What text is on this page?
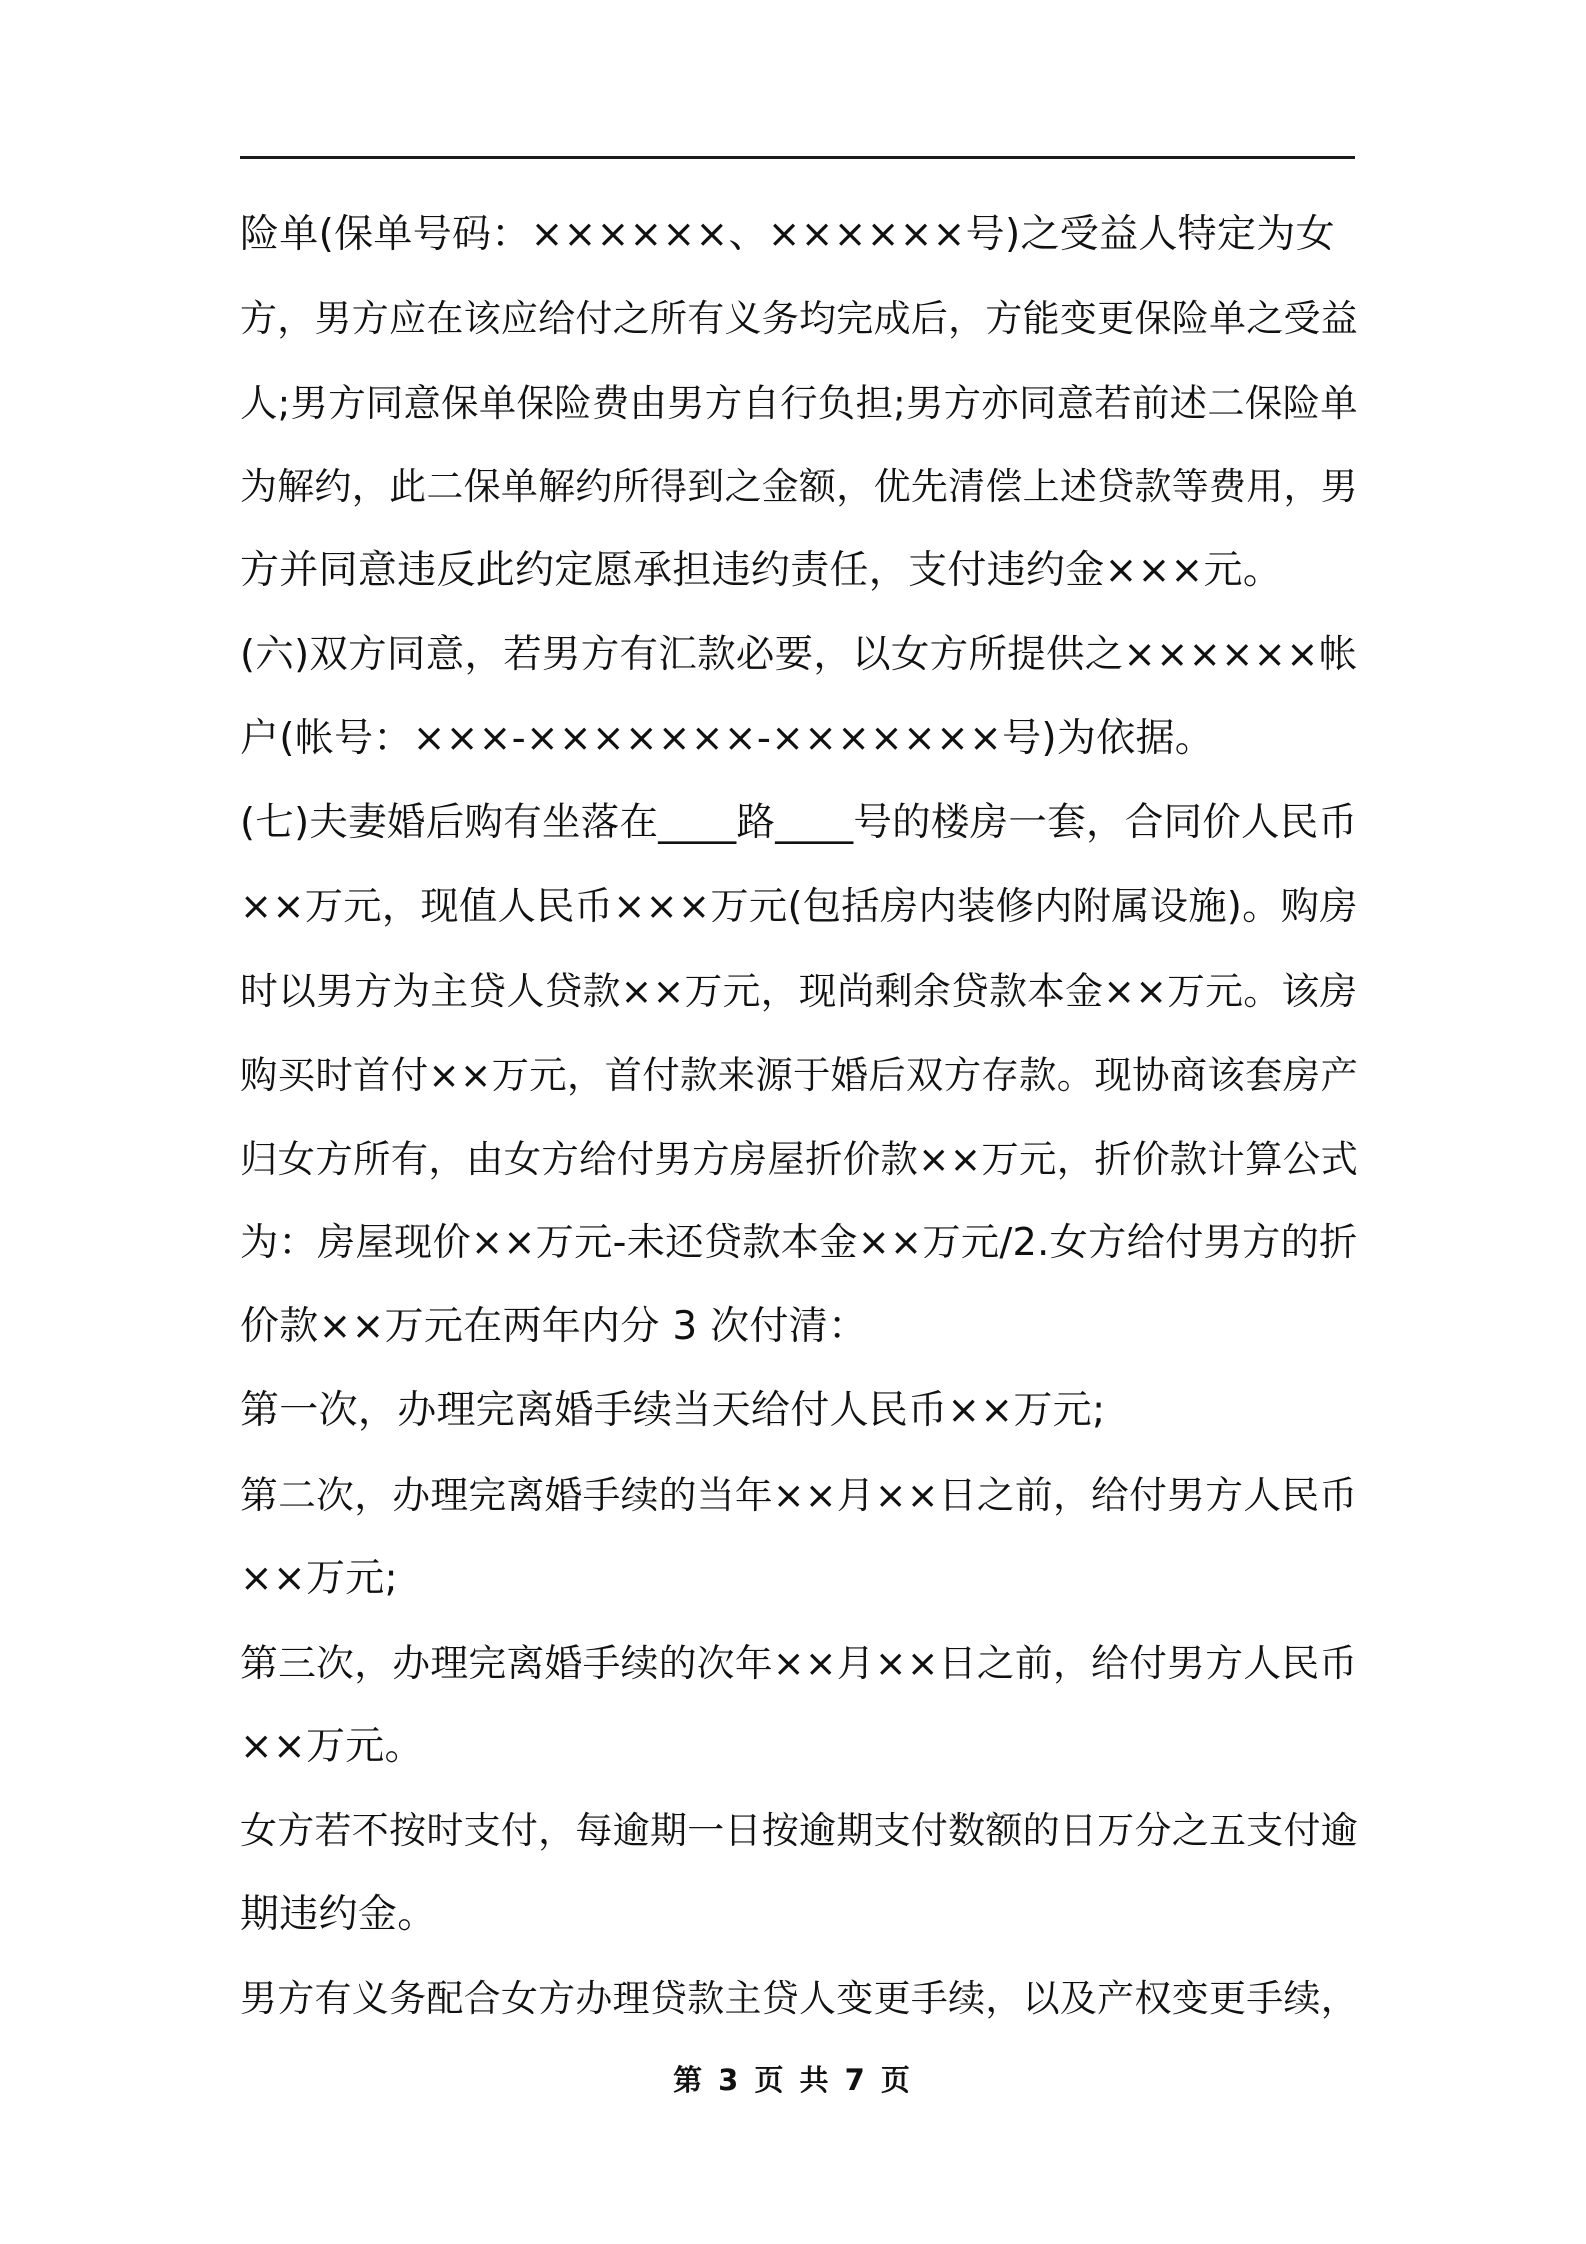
险单(保单号码：××××××、××××××号)之受益人特定为女
方，男方应在该应给付之所有义务均完成后，方能变更保险单之受益
人;男方同意保单保险费由男方自行负担;男方亦同意若前述二保险单
为解约，此二保单解约所得到之金额，优先清偿上述贷款等费用，男
方并同意违反此约定愿承担违约责任，支付违约金×××元。
(六)双方同意，若男方有汇款必要，以女方所提供之××××××帐
户(帐号：×××-×××××××-×××××××号)为依据。
(七)夫妻婚后购有坐落在____路____号的楼房一套，合同价人民币
××万元，现值人民币×××万元(包括房内装修内附属设施)。购房
时以男方为主贷人贷款××万元，现尚剩余贷款本金××万元。该房
购买时首付××万元，首付款来源于婚后双方存款。现协商该套房产
归女方所有，由女方给付男方房屋折价款××万元，折价款计算公式
为：房屋现价××万元-未还贷款本金××万元/2.女方给付男方的折
价款××万元在两年内分 3 次付清：
第一次，办理完离婚手续当天给付人民币××万元;
第二次，办理完离婚手续的当年××月××日之前，给付男方人民币
××万元;
第三次，办理完离婚手续的次年××月××日之前，给付男方人民币
××万元。
女方若不按时支付，每逾期一日按逾期支付数额的日万分之五支付逾
期违约金。
男方有义务配合女方办理贷款主贷人变更手续，以及产权变更手续，
第 3 页 共 7 页
